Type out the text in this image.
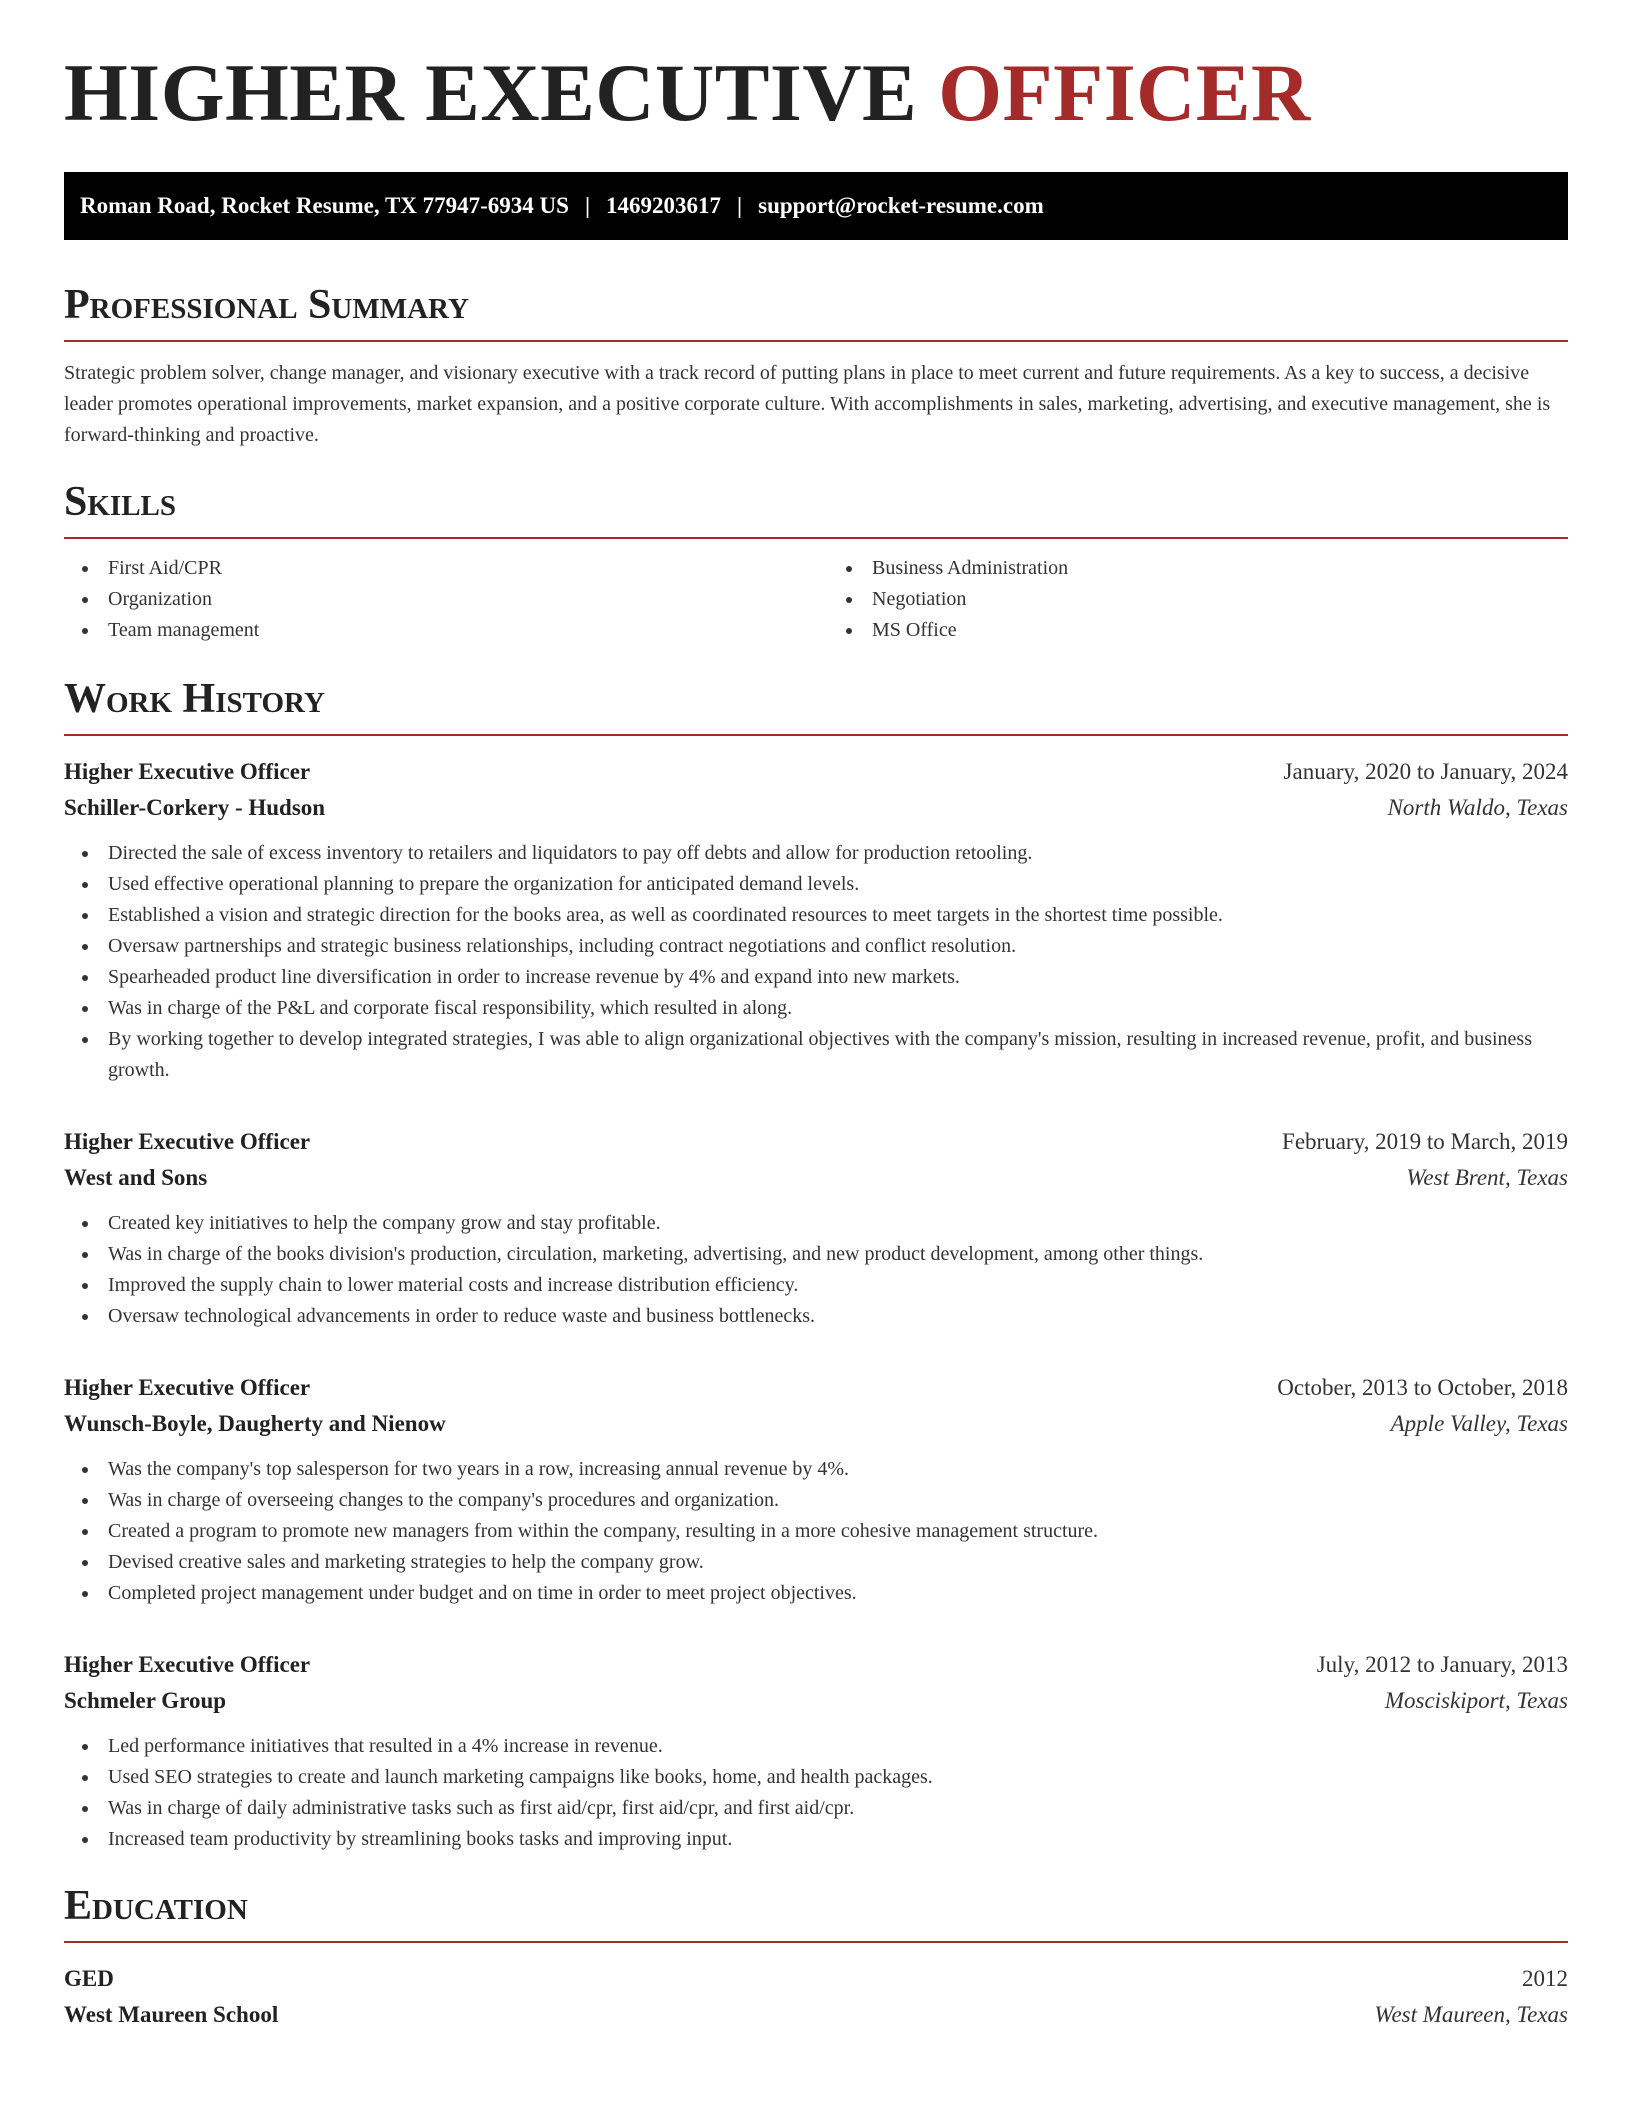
HIGHER EXECUTIVE OFFICER
Roman Road, Rocket Resume, TX 77947-6934 US | 1469203617 | support@rocket-resume.com
Professional Summary

Strategic problem solver, change manager, and visionary executive with a track record of putting plans in place to meet current and future requirements. As a key to success, a decisive leader promotes operational improvements, market expansion, and a positive corporate culture. With accomplishments in sales, marketing, advertising, and executive management, she is forward-thinking and proactive.

Skills
First Aid/CPR
Organization
Team management
Business Administration
Negotiation
MS Office
Work History
Higher Executive Officer	January, 2020 to January, 2024
Schiller-Corkery - Hudson	North Waldo, Texas
Directed the sale of excess inventory to retailers and liquidators to pay off debts and allow for production retooling.
Used effective operational planning to prepare the organization for anticipated demand levels.
Established a vision and strategic direction for the books area, as well as coordinated resources to meet targets in the shortest time possible.
Oversaw partnerships and strategic business relationships, including contract negotiations and conflict resolution.
Spearheaded product line diversification in order to increase revenue by 4% and expand into new markets.
Was in charge of the P&L and corporate fiscal responsibility, which resulted in along.
By working together to develop integrated strategies, I was able to align organizational objectives with the company's mission, resulting in increased revenue, profit, and business growth.
Higher Executive Officer	February, 2019 to March, 2019
West and Sons	West Brent, Texas
Created key initiatives to help the company grow and stay profitable.
Was in charge of the books division's production, circulation, marketing, advertising, and new product development, among other things.
Improved the supply chain to lower material costs and increase distribution efficiency.
Oversaw technological advancements in order to reduce waste and business bottlenecks.
Higher Executive Officer	October, 2013 to October, 2018
Wunsch-Boyle, Daugherty and Nienow	Apple Valley, Texas
Was the company's top salesperson for two years in a row, increasing annual revenue by 4%.
Was in charge of overseeing changes to the company's procedures and organization.
Created a program to promote new managers from within the company, resulting in a more cohesive management structure.
Devised creative sales and marketing strategies to help the company grow.
Completed project management under budget and on time in order to meet project objectives.
Higher Executive Officer	July, 2012 to January, 2013
Schmeler Group	Mosciskiport, Texas
Led performance initiatives that resulted in a 4% increase in revenue.
Used SEO strategies to create and launch marketing campaigns like books, home, and health packages.
Was in charge of daily administrative tasks such as first aid/cpr, first aid/cpr, and first aid/cpr.
Increased team productivity by streamlining books tasks and improving input.
Education
GED	2012
West Maureen School	West Maureen, Texas
